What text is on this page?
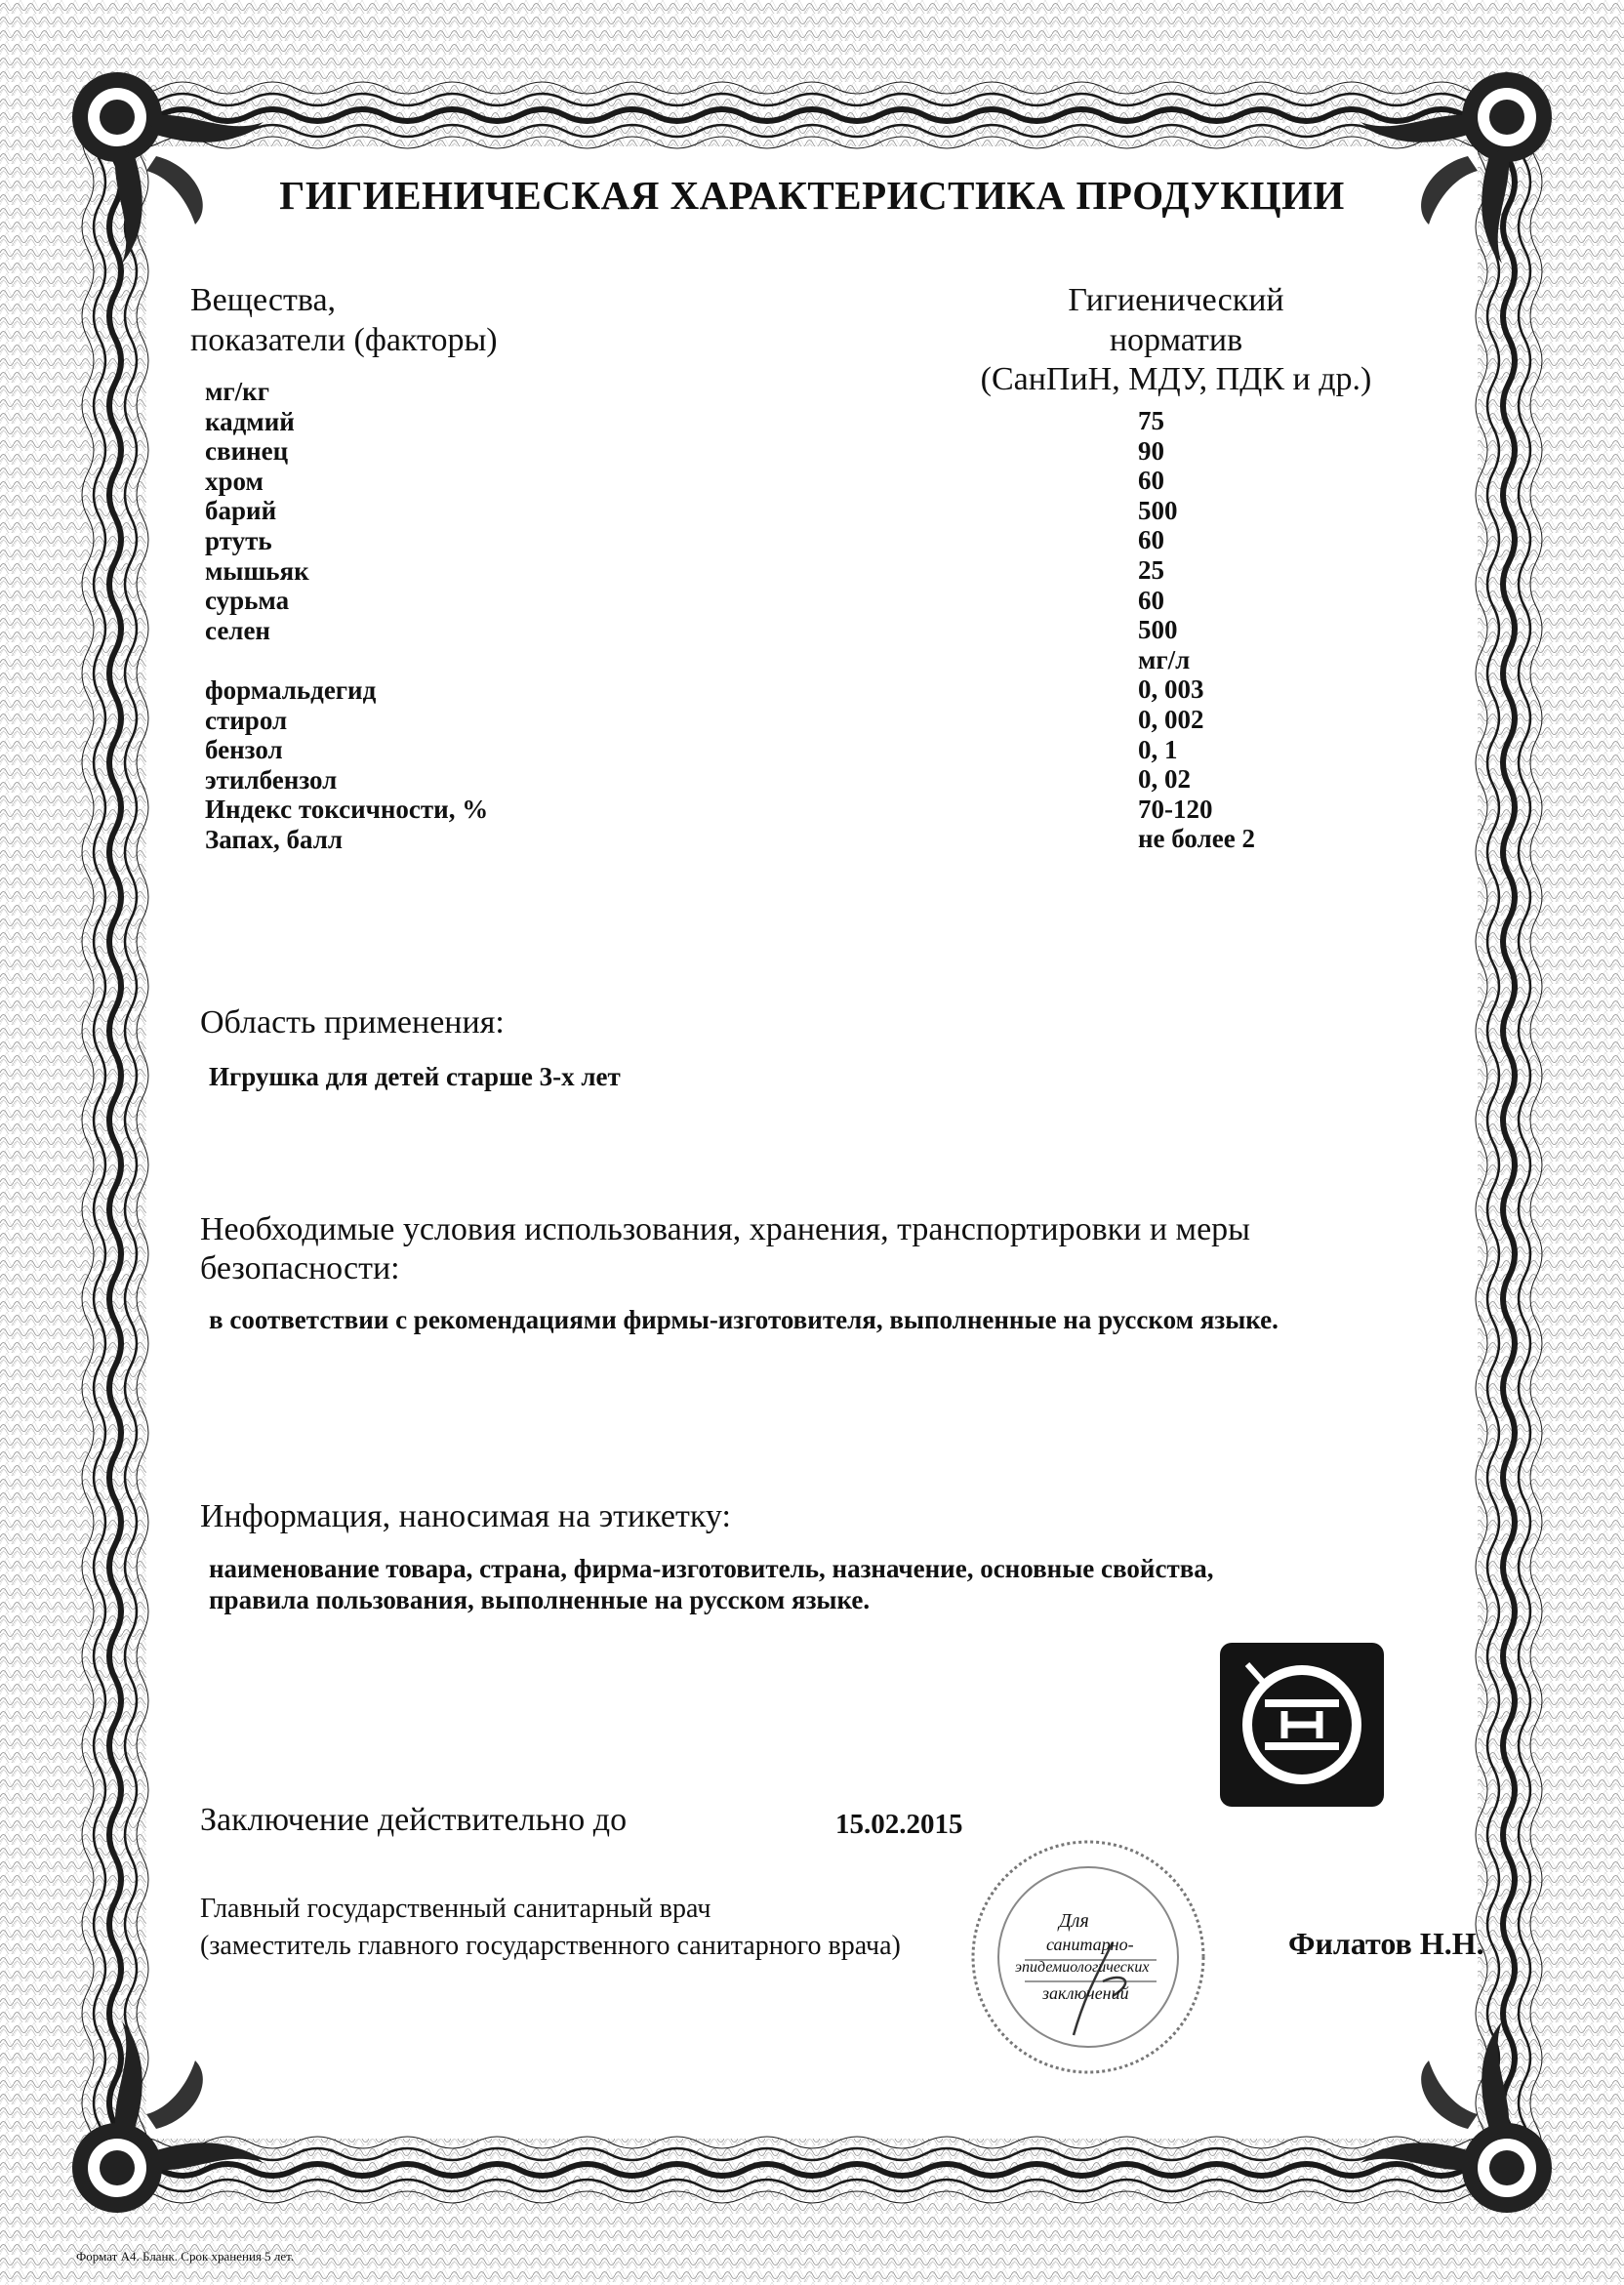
ГИГИЕНИЧЕСКАЯ ХАРАКТЕРИСТИКА ПРОДУКЦИИ
Вещества,
показатели (факторы)
Гигиенический
норматив
(СанПиН, МДУ, ПДК и др.)
мг/кг
кадмий
свинец
хром
барий
ртуть
мышьяк
сурьма
селен
формальдегид
стирол
бензол
этилбензол
Индекс токсичности, %
Запах, балл
75
90
60
500
60
25
60
500
мг/л
0, 003
0, 002
0, 1
0, 02
70-120
не более 2
Область применения:
Игрушка для детей старше 3-х лет
Необходимые условия использования, хранения, транспортировки и меры
безопасности:
в соответствии с рекомендациями фирмы-изготовителя, выполненные на русском языке.
Информация, наносимая на этикетку:
наименование товара, страна, фирма-изготовитель, назначение, основные свойства,
правила пользования, выполненные на русском языке.
Заключение действительно до	15.02.2015
Главный государственный санитарный врач
(заместитель главного государственного санитарного врача)	Филатов Н.Н.
Для
санитарно-
эпидемиологических
заключений
Формат А4. Бланк. Срок хранения 5 лет.
